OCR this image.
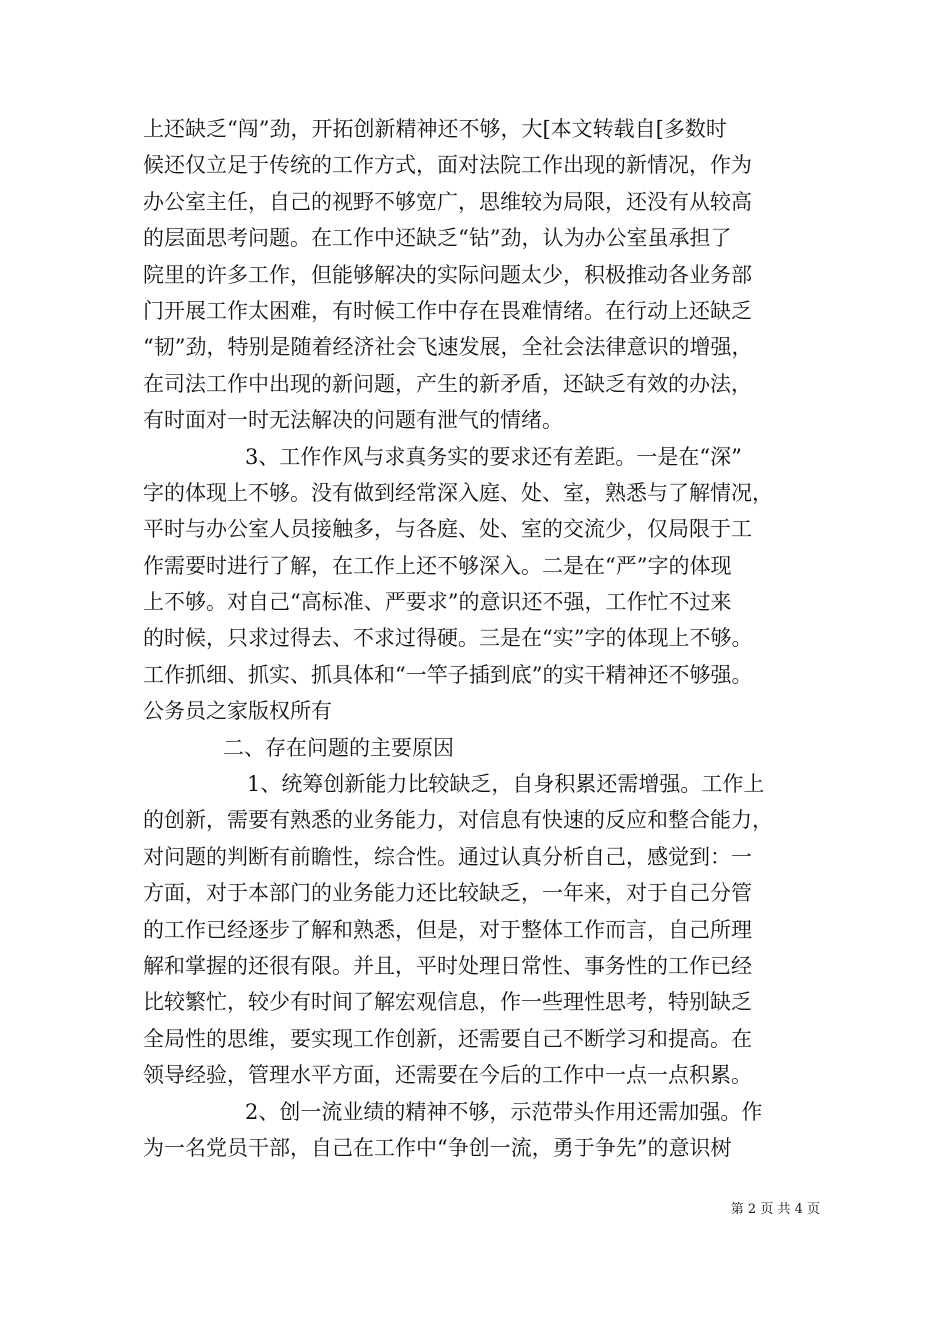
上还缺乏“闯”劲，开拓创新精神还不够，大[本文转载自[多数时
候还仅立足于传统的工作方式，面对法院工作出现的新情况，作为
办公室主任，自己的视野不够宽广，思维较为局限，还没有从较高
的层面思考问题。在工作中还缺乏“钻”劲，认为办公室虽承担了
院里的许多工作，但能够解决的实际问题太少，积极推动各业务部
门开展工作太困难，有时候工作中存在畏难情绪。在行动上还缺乏
“韧”劲，特别是随着经济社会飞速发展，全社会法律意识的增强，
在司法工作中出现的新问题，产生的新矛盾，还缺乏有效的办法，
有时面对一时无法解决的问题有泄气的情绪。
3、工作作风与求真务实的要求还有差距。一是在“深”
字的体现上不够。没有做到经常深入庭、处、室，熟悉与了解情况，
平时与办公室人员接触多，与各庭、处、室的交流少，仅局限于工
作需要时进行了解，在工作上还不够深入。二是在“严”字的体现
上不够。对自己“高标准、严要求”的意识还不强，工作忙不过来
的时候，只求过得去、不求过得硬。三是在“实”字的体现上不够。
工作抓细、抓实、抓具体和“一竿子插到底”的实干精神还不够强。
公务员之家版权所有
二、存在问题的主要原因
1、统筹创新能力比较缺乏，自身积累还需增强。工作上
的创新，需要有熟悉的业务能力，对信息有快速的反应和整合能力，
对问题的判断有前瞻性，综合性。通过认真分析自己，感觉到：一
方面，对于本部门的业务能力还比较缺乏，一年来，对于自己分管
的工作已经逐步了解和熟悉，但是，对于整体工作而言，自己所理
解和掌握的还很有限。并且，平时处理日常性、事务性的工作已经
比较繁忙，较少有时间了解宏观信息，作一些理性思考，特别缺乏
全局性的思维，要实现工作创新，还需要自己不断学习和提高。在
领导经验，管理水平方面，还需要在今后的工作中一点一点积累。
2、创一流业绩的精神不够，示范带头作用还需加强。作
为一名党员干部，自己在工作中“争创一流，勇于争先”的意识树
第 2 页 共 4 页
